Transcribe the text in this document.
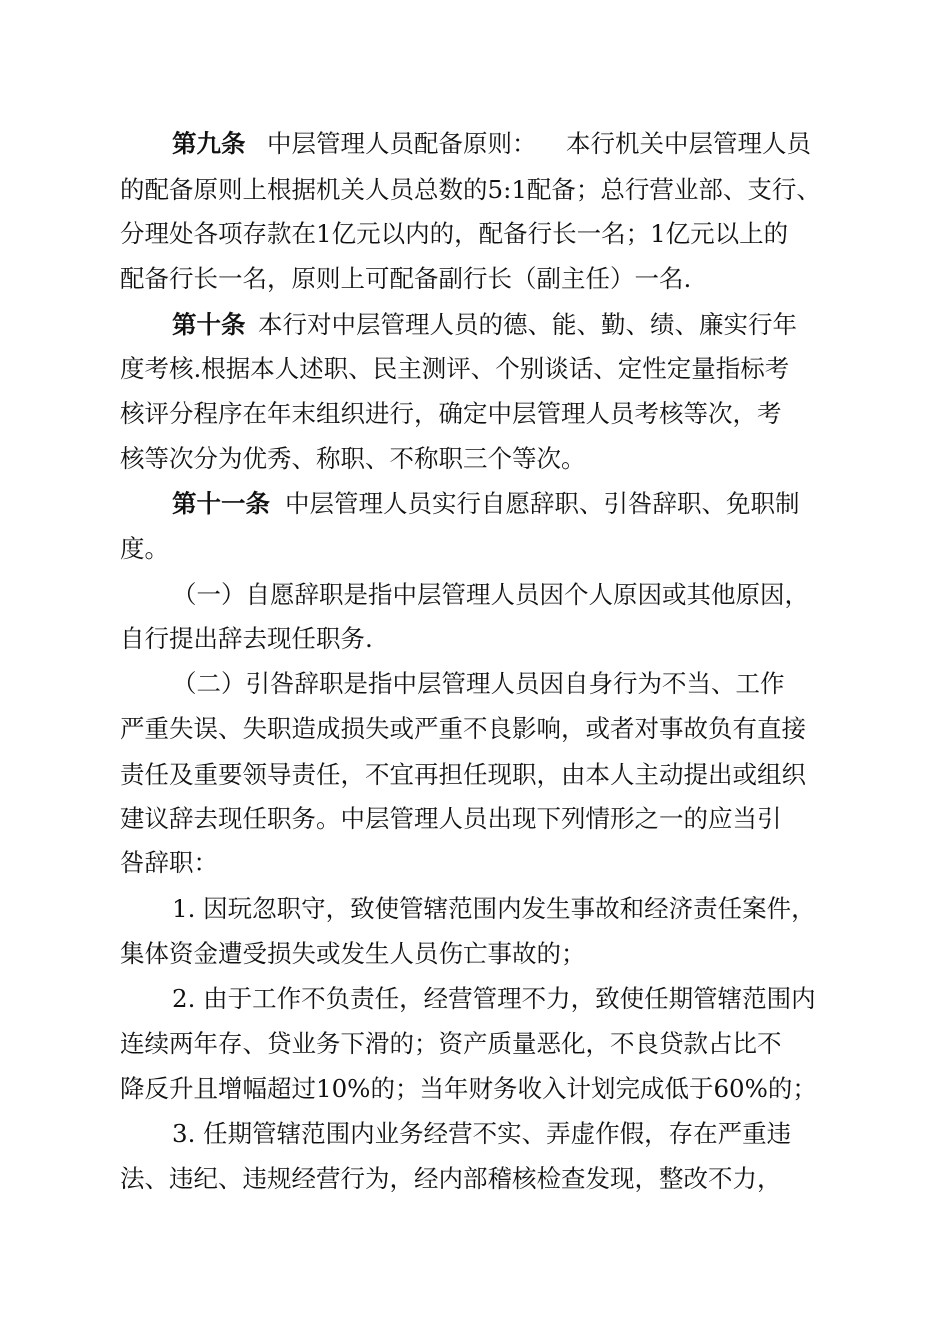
第九条 中层管理人员配备原则： 本行机关中层管理人员
的配备原则上根据机关人员总数的5:1配备；总行营业部、支行、
分理处各项存款在1亿元以内的，配备行长一名；1亿元以上的
配备行长一名，原则上可配备副行长（副主任）一名.
第十条 本行对中层管理人员的德、能、勤、绩、廉实行年
度考核.根据本人述职、民主测评、个别谈话、定性定量指标考
核评分程序在年末组织进行，确定中层管理人员考核等次，考
核等次分为优秀、称职、不称职三个等次。
第十一条 中层管理人员实行自愿辞职、引咎辞职、免职制
度。
（一）自愿辞职是指中层管理人员因个人原因或其他原因，
自行提出辞去现任职务.
（二）引咎辞职是指中层管理人员因自身行为不当、工作
严重失误、失职造成损失或严重不良影响，或者对事故负有直接
责任及重要领导责任，不宜再担任现职，由本人主动提出或组织
建议辞去现任职务。中层管理人员出现下列情形之一的应当引
咎辞职：
1. 因玩忽职守，致使管辖范围内发生事故和经济责任案件，
集体资金遭受损失或发生人员伤亡事故的；
2. 由于工作不负责任，经营管理不力，致使任期管辖范围内
连续两年存、贷业务下滑的；资产质量恶化，不良贷款占比不
降反升且增幅超过10%的；当年财务收入计划完成低于60%的；
3. 任期管辖范围内业务经营不实、弄虚作假，存在严重违
法、违纪、违规经营行为，经内部稽核检查发现，整改不力，
